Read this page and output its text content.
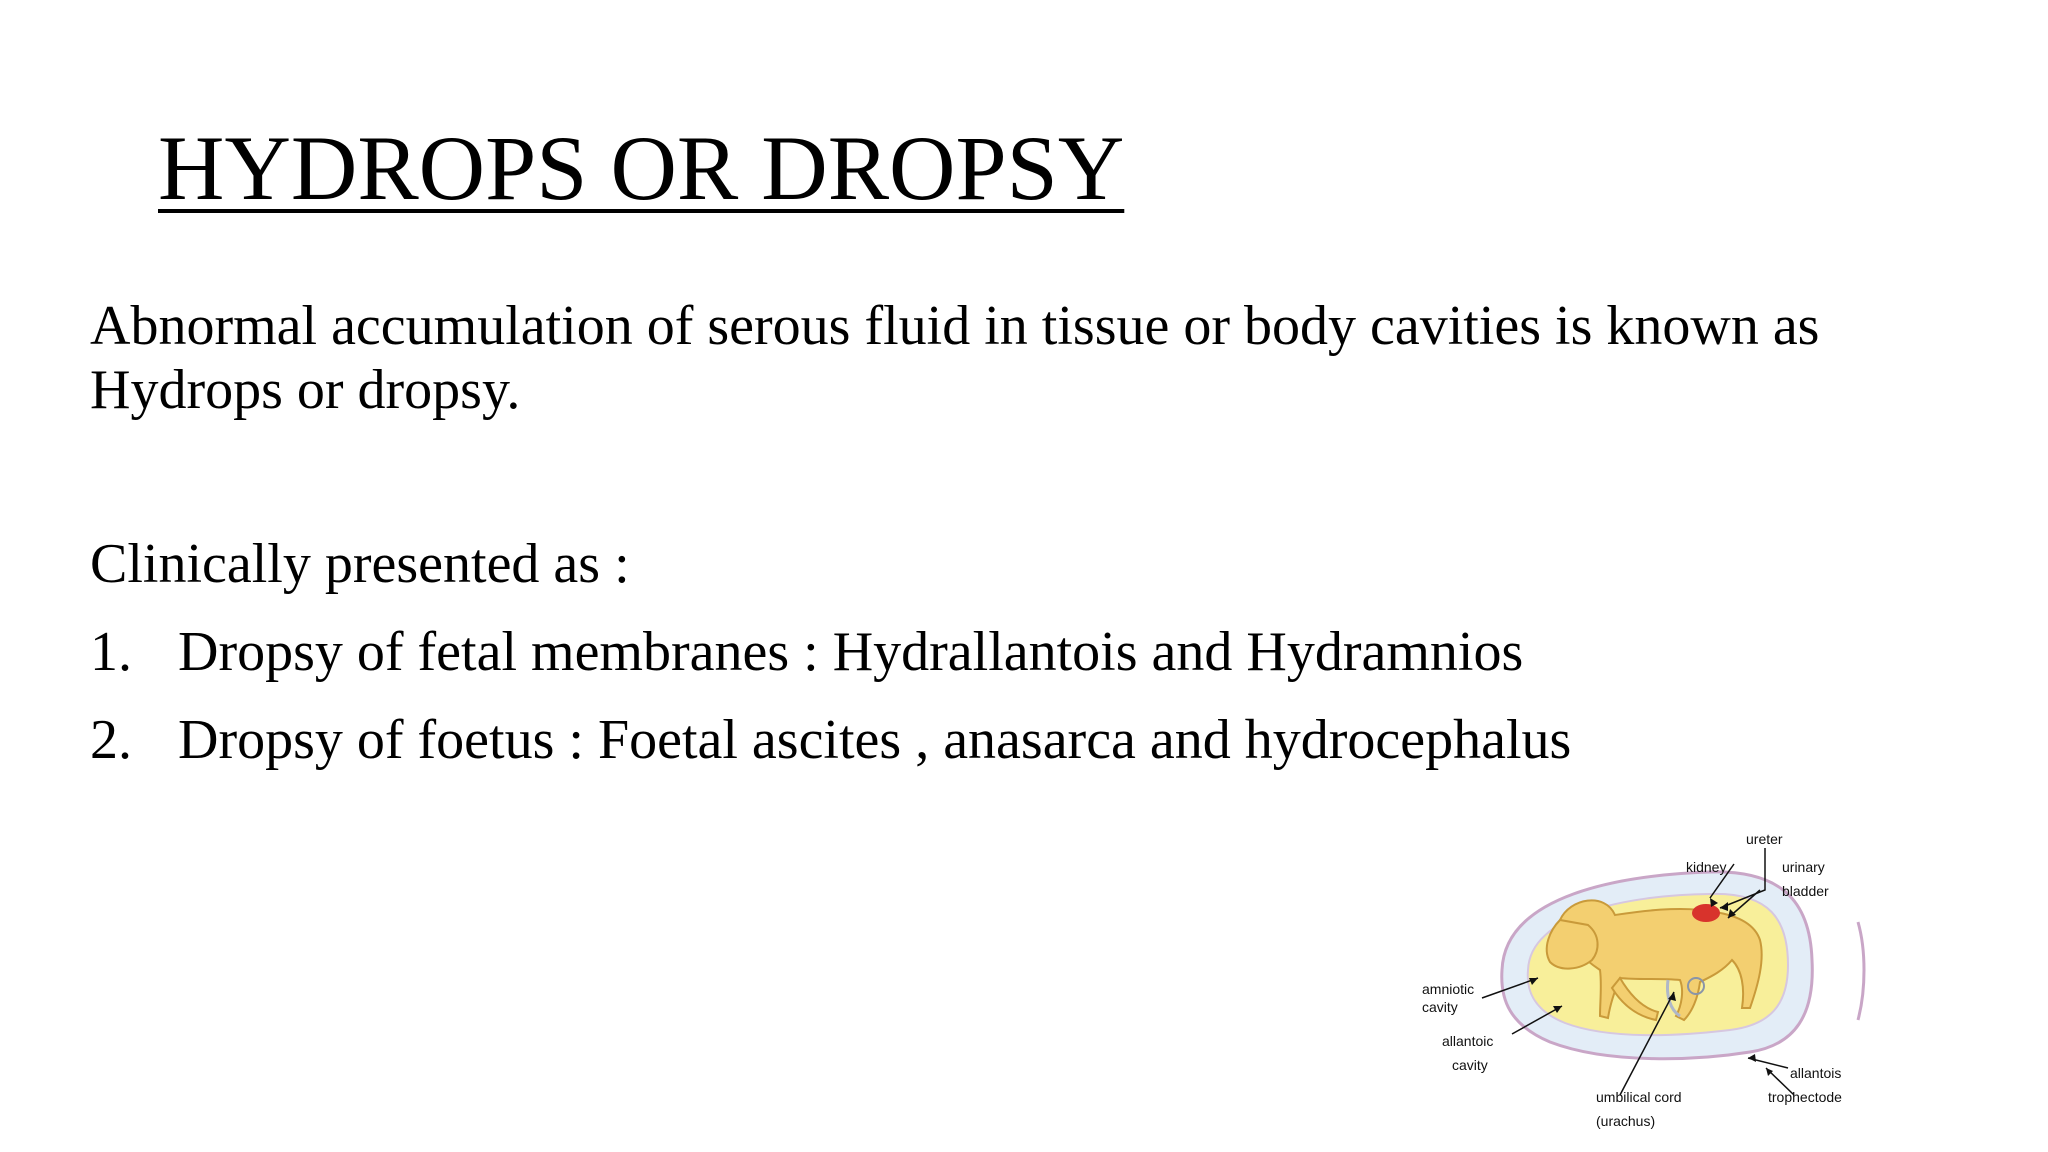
HYDROPS OR DROPSY

Abnormal accumulation of serous fluid in tissue or body cavities is known as Hydrops or dropsy.

Clinically presented as :

1. Dropsy of fetal membranes : Hydrallantois and Hydramnios
2. Dropsy of foetus : Foetal ascites , anasarca and hydrocephalus
ureter
kidney	urinary
bladder
amniotic
cavity
allantoic
cavity	allantois
umbilical cord
(urachus)
trophectode
